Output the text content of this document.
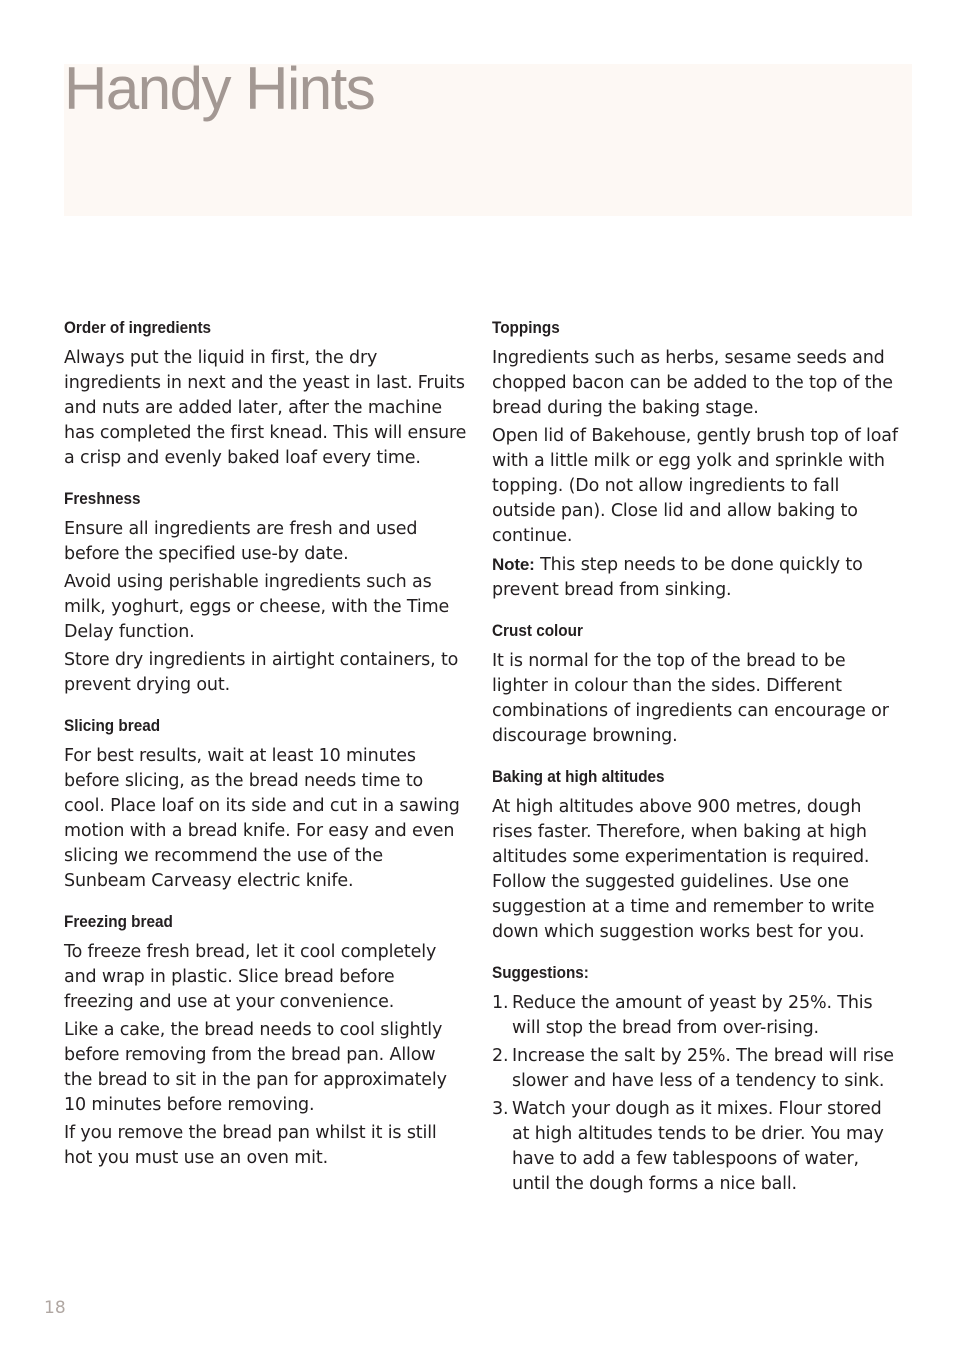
Handy Hints
Order of ingredients

Always put the liquid in first, the dry ingredients in next and the yeast in last. Fruits and nuts are added later, after the machine has completed the first knead. This will ensure a crisp and evenly baked loaf every time.

Freshness

Ensure all ingredients are fresh and used before the specified use-by date.

Avoid using perishable ingredients such as milk, yoghurt, eggs or cheese, with the Time Delay function.

Store dry ingredients in airtight containers, to prevent drying out.

Slicing bread

For best results, wait at least 10 minutes before slicing, as the bread needs time to cool. Place loaf on its side and cut in a sawing motion with a bread knife. For easy and even slicing we recommend the use of the Sunbeam Carveasy electric knife.

Freezing bread

To freeze fresh bread, let it cool completely and wrap in plastic. Slice bread before freezing and use at your convenience.

Like a cake, the bread needs to cool slightly before removing from the bread pan. Allow the bread to sit in the pan for approximately 10 minutes before removing.

If you remove the bread pan whilst it is still hot you must use an oven mit.

Toppings

Ingredients such as herbs, sesame seeds and chopped bacon can be added to the top of the bread during the baking stage.

Open lid of Bakehouse, gently brush top of loaf with a little milk or egg yolk and sprinkle with topping. (Do not allow ingredients to fall outside pan). Close lid and allow baking to continue.

Note: This step needs to be done quickly to prevent bread from sinking.

Crust colour

It is normal for the top of the bread to be lighter in colour than the sides. Different combinations of ingredients can encourage or discourage browning.

Baking at high altitudes

At high altitudes above 900 metres, dough rises faster. Therefore, when baking at high altitudes some experimentation is required. Follow the suggested guidelines. Use one suggestion at a time and remember to write down which suggestion works best for you.

Suggestions:
1. Reduce the amount of yeast by 25%. This will stop the bread from over-rising.
2. Increase the salt by 25%. The bread will rise slower and have less of a tendency to sink.
3. Watch your dough as it mixes. Flour stored at high altitudes tends to be drier. You may have to add a few tablespoons of water, until the dough forms a nice ball.
18
